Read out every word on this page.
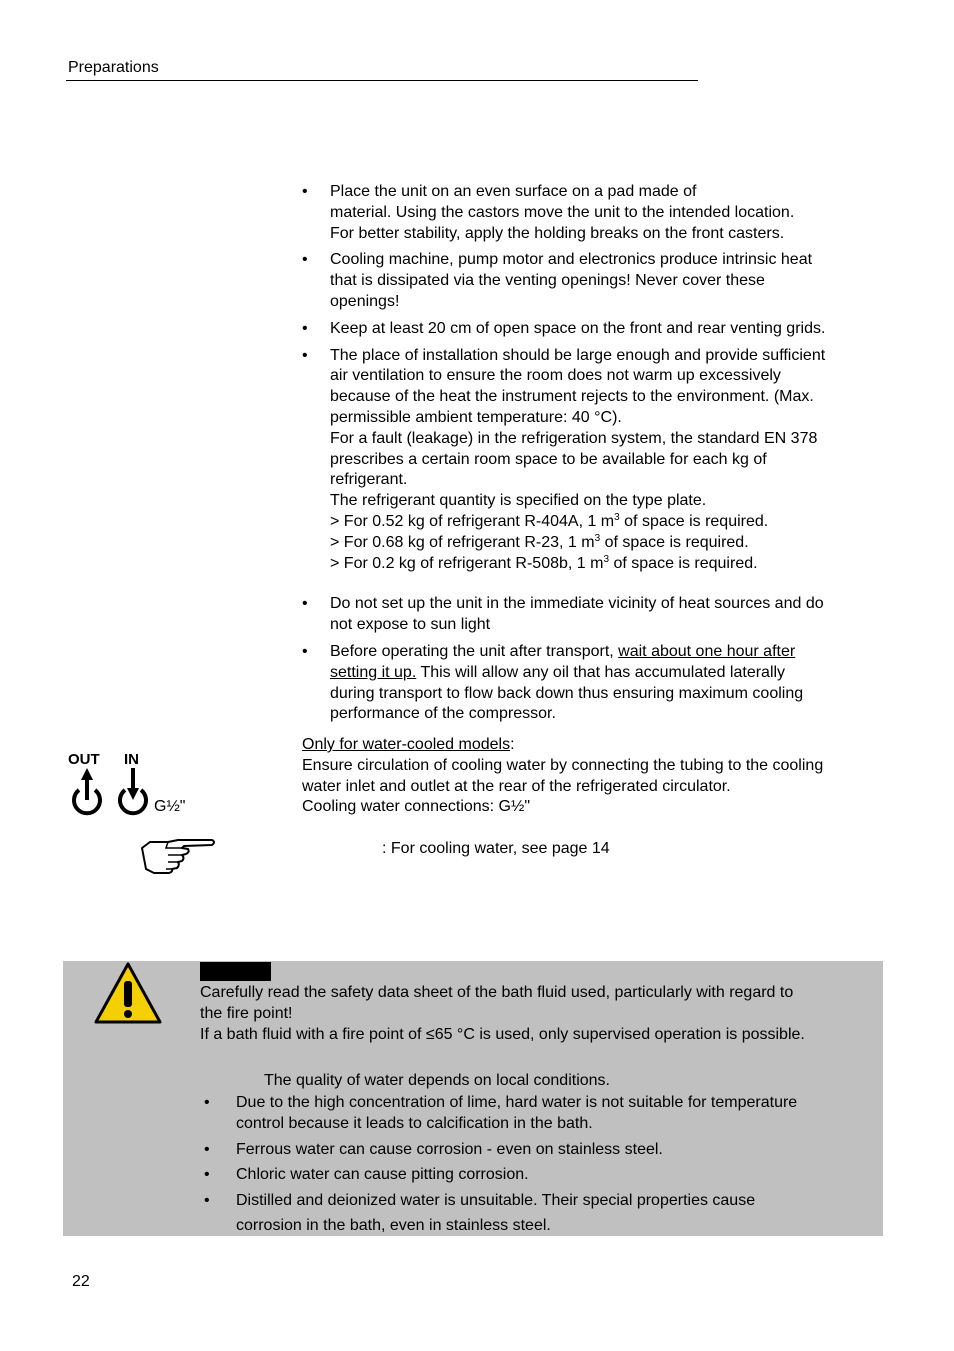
Preparations
• Place the unit on an even surface on a pad made of
material. Using the castors move the unit to the intended location.
For better stability, apply the holding breaks on the front casters.
• Cooling machine, pump motor and electronics produce intrinsic heat
that is dissipated via the venting openings! Never cover these
openings!
• Keep at least 20 cm of open space on the front and rear venting grids.
• The place of installation should be large enough and provide sufficient
air ventilation to ensure the room does not warm up excessively
because of the heat the instrument rejects to the environment. (Max.
permissible ambient temperature: 40 °C).
For a fault (leakage) in the refrigeration system, the standard EN 378
prescribes a certain room space to be available for each kg of
refrigerant.
The refrigerant quantity is specified on the type plate.
> For 0.52 kg of refrigerant R-404A, 1 $m^3$ of space is required.
> For 0.68 kg of refrigerant R-23, 1 $m^3$ of space is required.
> For 0.2 kg of refrigerant R-508b, 1 $m^3$ of space is required.
• Do not set up the unit in the immediate vicinity of heat sources and do
not expose to sun light
• Before operating the unit after transport, wait about one hour after
setting it up. This will allow any oil that has accumulated laterally
during transport to flow back down thus ensuring maximum cooling
performance of the compressor.
Only for water-cooled models:
Ensure circulation of cooling water by connecting the tubing to the cooling
water inlet and outlet at the rear of the refrigerated circulator.
Cooling water connections: G½"
: For cooling water, see page 14
OUT IN
G½"
Carefully read the safety data sheet of the bath fluid used, particularly with regard to
the fire point!
If a bath fluid with a fire point of ≤65 °C is used, only supervised operation is possible.
The quality of water depends on local conditions.
• Due to the high concentration of lime, hard water is not suitable for temperature
control because it leads to calcification in the bath.
• Ferrous water can cause corrosion - even on stainless steel.
• Chloric water can cause pitting corrosion.
• Distilled and deionized water is unsuitable. Their special properties cause
corrosion in the bath, even in stainless steel.
22
